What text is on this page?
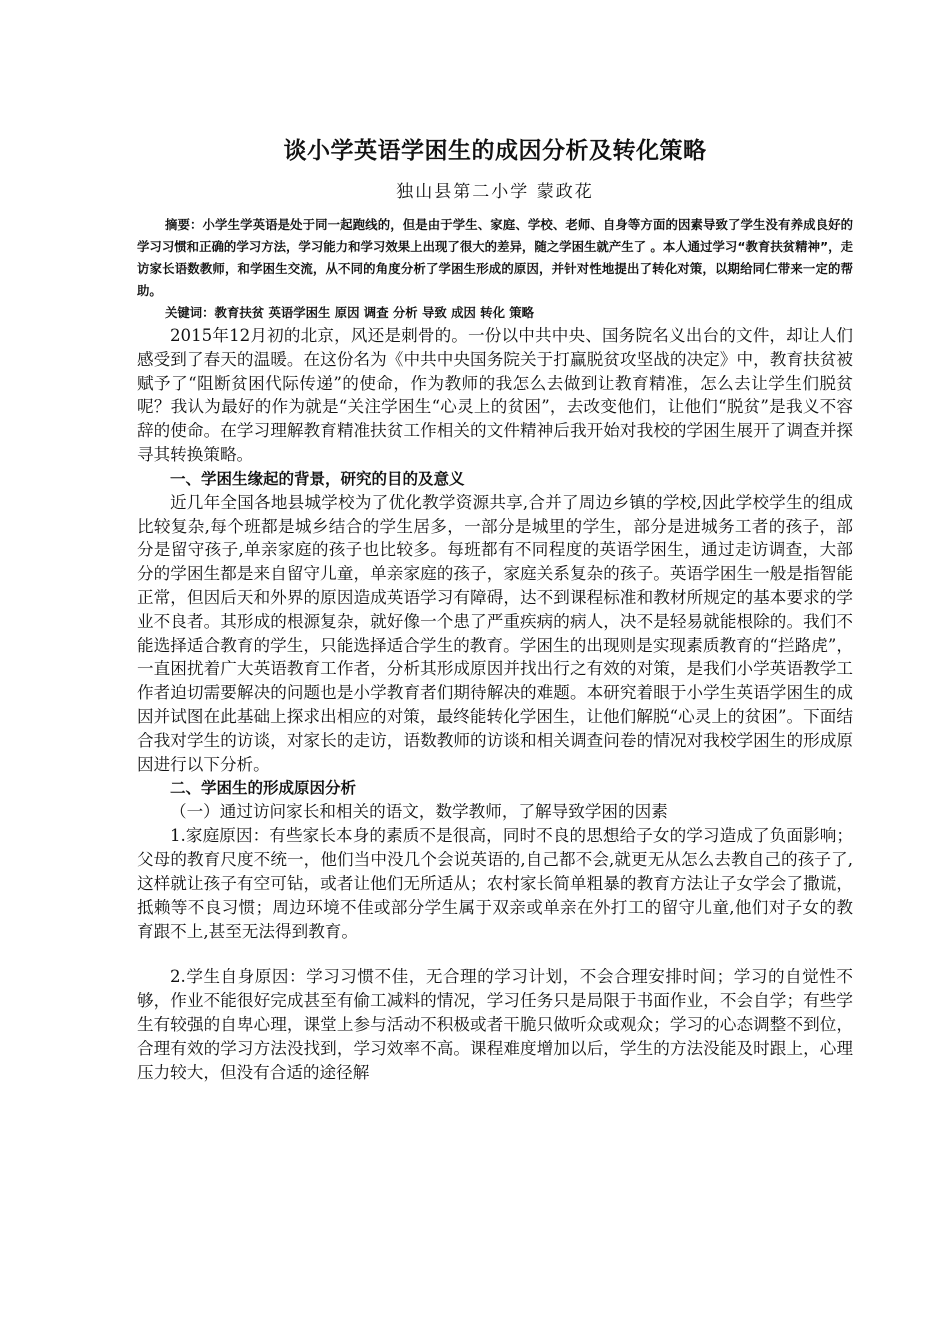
谈小学英语学困生的成因分析及转化策略
独山县第二小学 蒙政花

摘要：小学生学英语是处于同一起跑线的，但是由于学生、家庭、学校、老师、自身等方面的因素导致了学生没有养成良好的学习习惯和正确的学习方法，学习能力和学习效果上出现了很大的差异，随之学困生就产生了 。本人通过学习“教育扶贫精神”，走访家长语数教师，和学困生交流，从不同的角度分析了学困生形成的原因，并针对性地提出了转化对策，以期给同仁带来一定的帮助。

关键词：教育扶贫 英语学困生 原因 调查 分析 导致 成因 转化 策略

2015年12月初的北京，风还是刺骨的。一份以中共中央、国务院名义出台的文件，却让人们感受到了春天的温暖。在这份名为《中共中央国务院关于打赢脱贫攻坚战的决定》中，教育扶贫被赋予了“阻断贫困代际传递”的使命，作为教师的我怎么去做到让教育精准，怎么去让学生们脱贫呢？我认为最好的作为就是“关注学困生“心灵上的贫困”，去改变他们，让他们“脱贫”是我义不容辞的使命。在学习理解教育精准扶贫工作相关的文件精神后我开始对我校的学困生展开了调查并探寻其转换策略。

一、学困生缘起的背景，研究的目的及意义

近几年全国各地县城学校为了优化教学资源共享,合并了周边乡镇的学校,因此学校学生的组成比较复杂,每个班都是城乡结合的学生居多，一部分是城里的学生，部分是进城务工者的孩子，部分是留守孩子,单亲家庭的孩子也比较多。每班都有不同程度的英语学困生，通过走访调查，大部分的学困生都是来自留守儿童，单亲家庭的孩子，家庭关系复杂的孩子。英语学困生一般是指智能正常，但因后天和外界的原因造成英语学习有障碍，达不到课程标准和教材所规定的基本要求的学业不良者。其形成的根源复杂，就好像一个患了严重疾病的病人，决不是轻易就能根除的。我们不能选择适合教育的学生，只能选择适合学生的教育。学困生的出现则是实现素质教育的“拦路虎”，一直困扰着广大英语教育工作者，分析其形成原因并找出行之有效的对策，是我们小学英语教学工作者迫切需要解决的问题也是小学教育者们期待解决的难题。本研究着眼于小学生英语学困生的成因并试图在此基础上探求出相应的对策，最终能转化学困生，让他们解脱“心灵上的贫困”。下面结合我对学生的访谈，对家长的走访，语数教师的访谈和相关调查问卷的情况对我校学困生的形成原因进行以下分析。

二、学困生的形成原因分析

（一）通过访问家长和相关的语文，数学教师，了解导致学困的因素

1.家庭原因：有些家长本身的素质不是很高，同时不良的思想给子女的学习造成了负面影响；父母的教育尺度不统一，他们当中没几个会说英语的,自己都不会,就更无从怎么去教自己的孩子了,这样就让孩子有空可钻，或者让他们无所适从；农村家长简单粗暴的教育方法让子女学会了撒谎，抵赖等不良习惯；周边环境不佳或部分学生属于双亲或单亲在外打工的留守儿童,他们对子女的教育跟不上,甚至无法得到教育。

2.学生自身原因：学习习惯不佳，无合理的学习计划，不会合理安排时间；学习的自觉性不够，作业不能很好完成甚至有偷工减料的情况，学习任务只是局限于书面作业，不会自学；有些学生有较强的自卑心理，课堂上参与活动不积极或者干脆只做听众或观众；学习的心态调整不到位，合理有效的学习方法没找到，学习效率不高。课程难度增加以后，学生的方法没能及时跟上，心理压力较大，但没有合适的途径解
